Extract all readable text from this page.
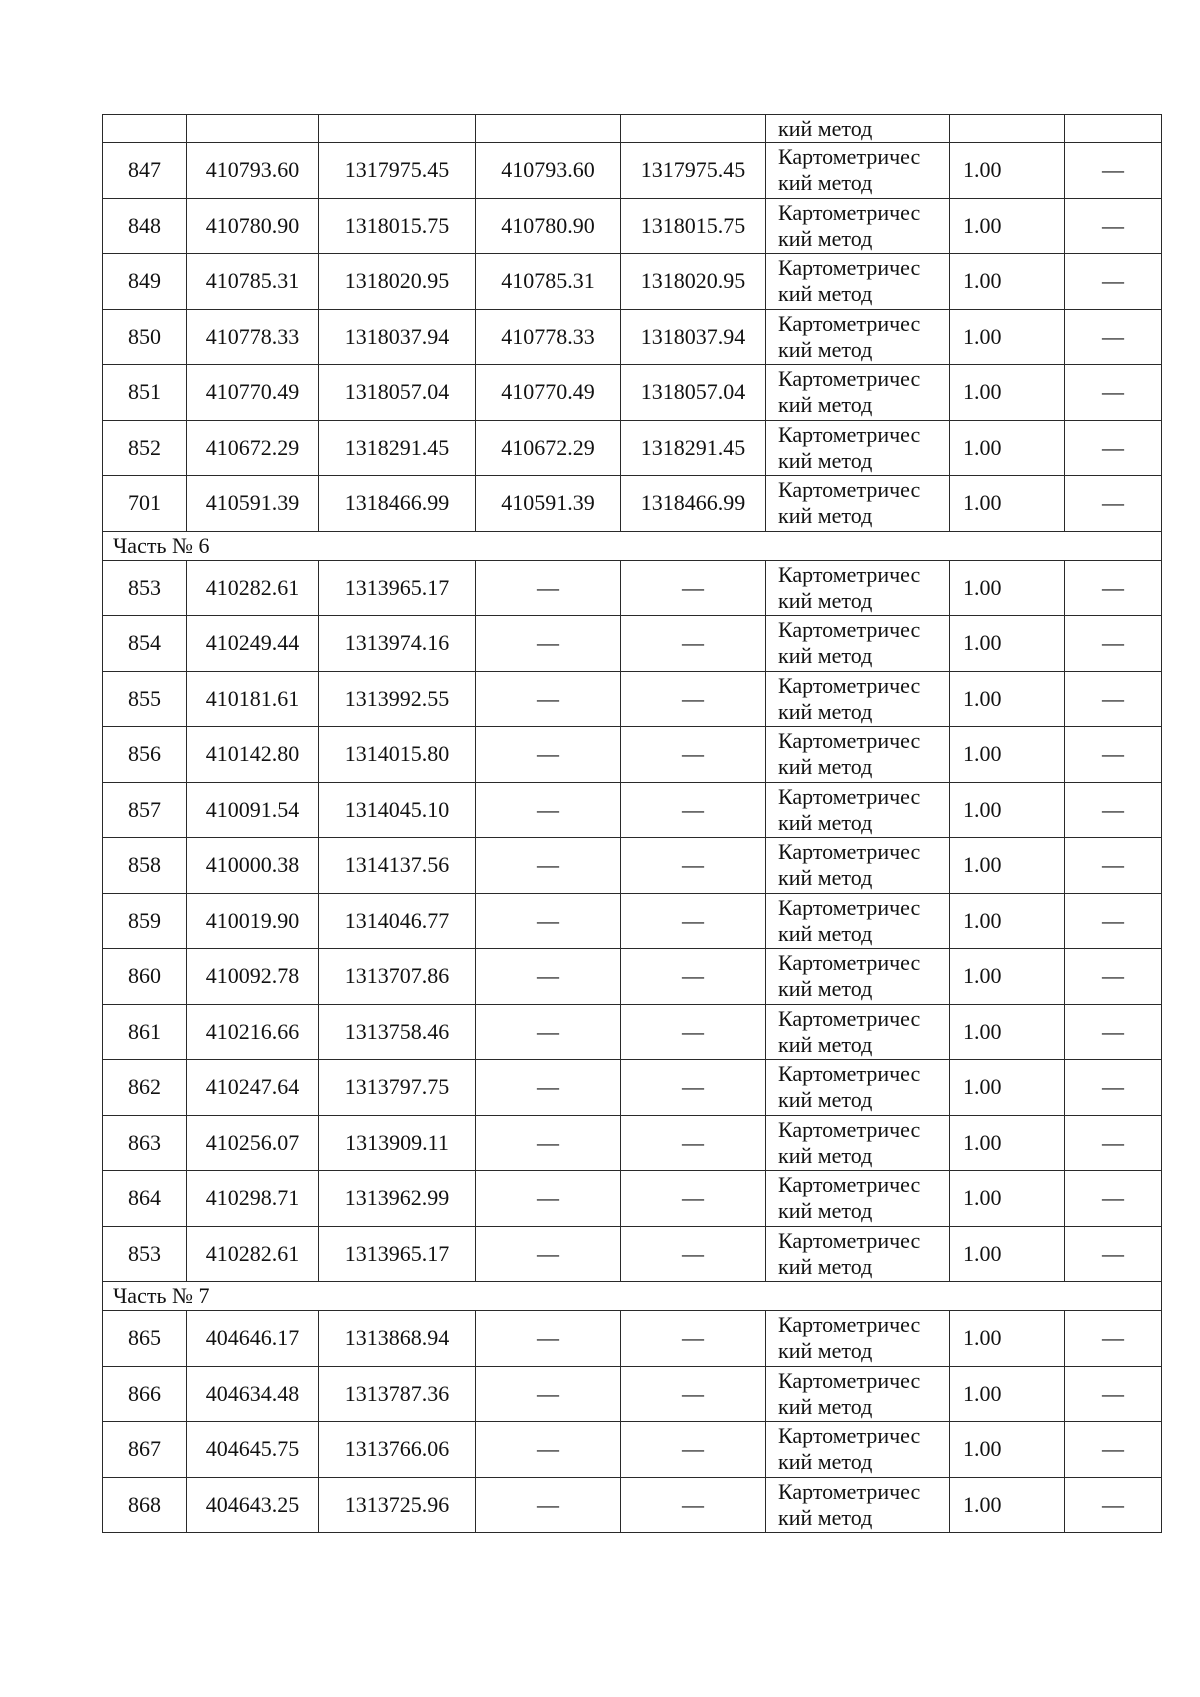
					кий метод		
847	410793.60	1317975.45	410793.60	1317975.45	Картометричес
кий метод	1.00	—
848	410780.90	1318015.75	410780.90	1318015.75	Картометричес
кий метод	1.00	—
849	410785.31	1318020.95	410785.31	1318020.95	Картометричес
кий метод	1.00	—
850	410778.33	1318037.94	410778.33	1318037.94	Картометричес
кий метод	1.00	—
851	410770.49	1318057.04	410770.49	1318057.04	Картометричес
кий метод	1.00	—
852	410672.29	1318291.45	410672.29	1318291.45	Картометричес
кий метод	1.00	—
701	410591.39	1318466.99	410591.39	1318466.99	Картометричес
кий метод	1.00	—
Часть № 6							
853	410282.61	1313965.17	—	—	Картометричес
кий метод	1.00	—
854	410249.44	1313974.16	—	—	Картометричес
кий метод	1.00	—
855	410181.61	1313992.55	—	—	Картометричес
кий метод	1.00	—
856	410142.80	1314015.80	—	—	Картометричес
кий метод	1.00	—
857	410091.54	1314045.10	—	—	Картометричес
кий метод	1.00	—
858	410000.38	1314137.56	—	—	Картометричес
кий метод	1.00	—
859	410019.90	1314046.77	—	—	Картометричес
кий метод	1.00	—
860	410092.78	1313707.86	—	—	Картометричес
кий метод	1.00	—
861	410216.66	1313758.46	—	—	Картометричес
кий метод	1.00	—
862	410247.64	1313797.75	—	—	Картометричес
кий метод	1.00	—
863	410256.07	1313909.11	—	—	Картометричес
кий метод	1.00	—
864	410298.71	1313962.99	—	—	Картометричес
кий метод	1.00	—
853	410282.61	1313965.17	—	—	Картометричес
кий метод	1.00	—
Часть № 7							
865	404646.17	1313868.94	—	—	Картометричес
кий метод	1.00	—
866	404634.48	1313787.36	—	—	Картометричес
кий метод	1.00	—
867	404645.75	1313766.06	—	—	Картометричес
кий метод	1.00	—
868	404643.25	1313725.96	—	—	Картометричес
кий метод	1.00	—
